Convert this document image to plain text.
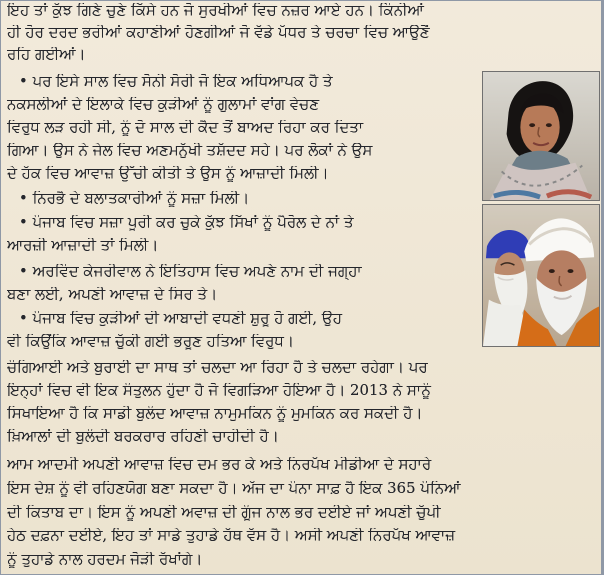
ਇਹ ਤਾਂ ਕੁੱਝ ਗਿਣੇ ਚੁਣੇ ਕਿੱਸੇ ਹਨ ਜੋ ਸੁਰਖੀਆਂ ਵਿਚ ਨਜ਼ਰ ਆਏ ਹਨ। ਕਿੰਨੀਆਂ
ਹੀ ਹੋਰ ਦਰਦ ਭਰੀਆਂ ਕਹਾਣੀਆਂ ਹੋਣਗੀਆਂ ਜੋ ਵੱਡੇ ਪੱਧਰ ਤੇ ਚਰਚਾ ਵਿਚ ਆਉਣੋਂ
ਰਹਿ ਗਈਆਂ।
• ਪਰ ਇਸੇ ਸਾਲ ਵਿਚ ਸੋਨੀ ਸੋਰੀ ਜੋ ਇਕ ਅਧਿਆਪਕ ਹੈ ਤੇ
ਨਕਸਲੀਆਂ ਦੇ ਇਲਾਕੇ ਵਿਚ ਕੁੜੀਆਂ ਨੂੰ ਗੁਲਾਮਾਂ ਵਾਂਗ ਵੇਚਣ
ਵਿਰੁਧ ਲੜ ਰਹੀ ਸੀ, ਨੂੰ ਦੋ ਸਾਲ ਦੀ ਕੈਦ ਤੋਂ ਬਾਅਦ ਰਿਹਾ ਕਰ ਦਿਤਾ
ਗਿਆ। ਉਸ ਨੇ ਜੇਲ ਵਿਚ ਅਣਮਨੁੱਖੀ ਤਸ਼ੱਦਦ ਸਹੇ। ਪਰ ਲੋਕਾਂ ਨੇ ਉਸ
ਦੇ ਹੱਕ ਵਿਚ ਆਵਾਜ਼ ਉੱਚੀ ਕੀਤੀ ਤੇ ਉਸ ਨੂੰ ਆਜ਼ਾਦੀ ਮਿਲੀ।
• ਨਿਰਭੈ ਦੇ ਬਲਾਤਕਾਰੀਆਂ ਨੂੰ ਸਜ਼ਾ ਮਿਲੀ।
• ਪੰਜਾਬ ਵਿਚ ਸਜ਼ਾ ਪੂਰੀ ਕਰ ਚੁਕੇ ਕੁੱਝ ਸਿੱਖਾਂ ਨੂੰ ਪੈਰੋਲ ਦੇ ਨਾਂ ਤੇ
ਆਰਜ਼ੀ ਆਜ਼ਾਦੀ ਤਾਂ ਮਿਲੀ।
• ਅਰਵਿੰਦ ਕੇਜਰੀਵਾਲ ਨੇ ਇਤਿਹਾਸ ਵਿਚ ਅਪਣੇ ਨਾਮ ਦੀ ਜਗ੍ਹਾ
ਬਣਾ ਲਈ, ਅਪਣੀ ਆਵਾਜ਼ ਦੇ ਸਿਰ ਤੇ।
• ਪੰਜਾਬ ਵਿਚ ਕੁੜੀਆਂ ਦੀ ਆਬਾਦੀ ਵਧਣੀ ਸ਼ੁਰੂ ਹੋ ਗਈ, ਉਹ
ਵੀ ਕਿਉਂਕਿ ਆਵਾਜ਼ ਚੁੱਕੀ ਗਈ ਭਰੂਣ ਹਤਿਆ ਵਿਰੁਧ।
ਚੰਗਿਆਈ ਅਤੇ ਬੁਰਾਈ ਦਾ ਸਾਥ ਤਾਂ ਚਲਦਾ ਆ ਰਿਹਾ ਹੈ ਤੇ ਚਲਦਾ ਰਹੇਗਾ। ਪਰ
ਇਨ੍ਹਾਂ ਵਿਚ ਵੀ ਇਕ ਸੰਤੁਲਨ ਹੁੰਦਾ ਹੈ ਜੋ ਵਿਗੜਿਆ ਹੋਇਆ ਹੈ। 2013 ਨੇ ਸਾਨੂੰ
ਸਿਖਾਇਆ ਹੈ ਕਿ ਸਾਡੀ ਬੁਲੰਦ ਆਵਾਜ਼ ਨਾਮੁਮਕਿਨ ਨੂੰ ਮੁਮਕਿਨ ਕਰ ਸਕਦੀ ਹੈ।
ਖ਼ਿਆਲਾਂ ਦੀ ਬੁਲੰਦੀ ਬਰਕਰਾਰ ਰਹਿਣੀ ਚਾਹੀਦੀ ਹੈ।
ਆਮ ਆਦਮੀ ਅਪਣੀ ਆਵਾਜ਼ ਵਿਚ ਦਮ ਭਰ ਕੇ ਅਤੇ ਨਿਰਪੱਖ ਮੀਡੀਆ ਦੇ ਸਹਾਰੇ
ਇਸ ਦੇਸ਼ ਨੂੰ ਵੀ ਰਹਿਣਯੋਗ ਬਣਾ ਸਕਦਾ ਹੈ। ਅੱਜ ਦਾ ਪੰਨਾ ਸਾਫ਼ ਹੈ ਇਕ 365 ਪੰਨਿਆਂ
ਦੀ ਕਿਤਾਬ ਦਾ। ਇਸ ਨੂੰ ਅਪਣੀ ਅਵਾਜ਼ ਦੀ ਗੂੰਜ ਨਾਲ ਭਰ ਦਈਏ ਜਾਂ ਅਪਣੀ ਚੁੱਪੀ
ਹੇਠ ਦਫ਼ਨਾ ਦਈਏ, ਇਹ ਤਾਂ ਸਾਡੇ ਤੁਹਾਡੇ ਹੱਥ ਵੱਸ ਹੈ। ਅਸੀ ਅਪਣੀ ਨਿਰਪੱਖ ਆਵਾਜ਼
ਨੂੰ ਤੁਹਾਡੇ ਨਾਲ ਹਰਦਮ ਜੋੜੀ ਰੱਖਾਂਗੇ।
